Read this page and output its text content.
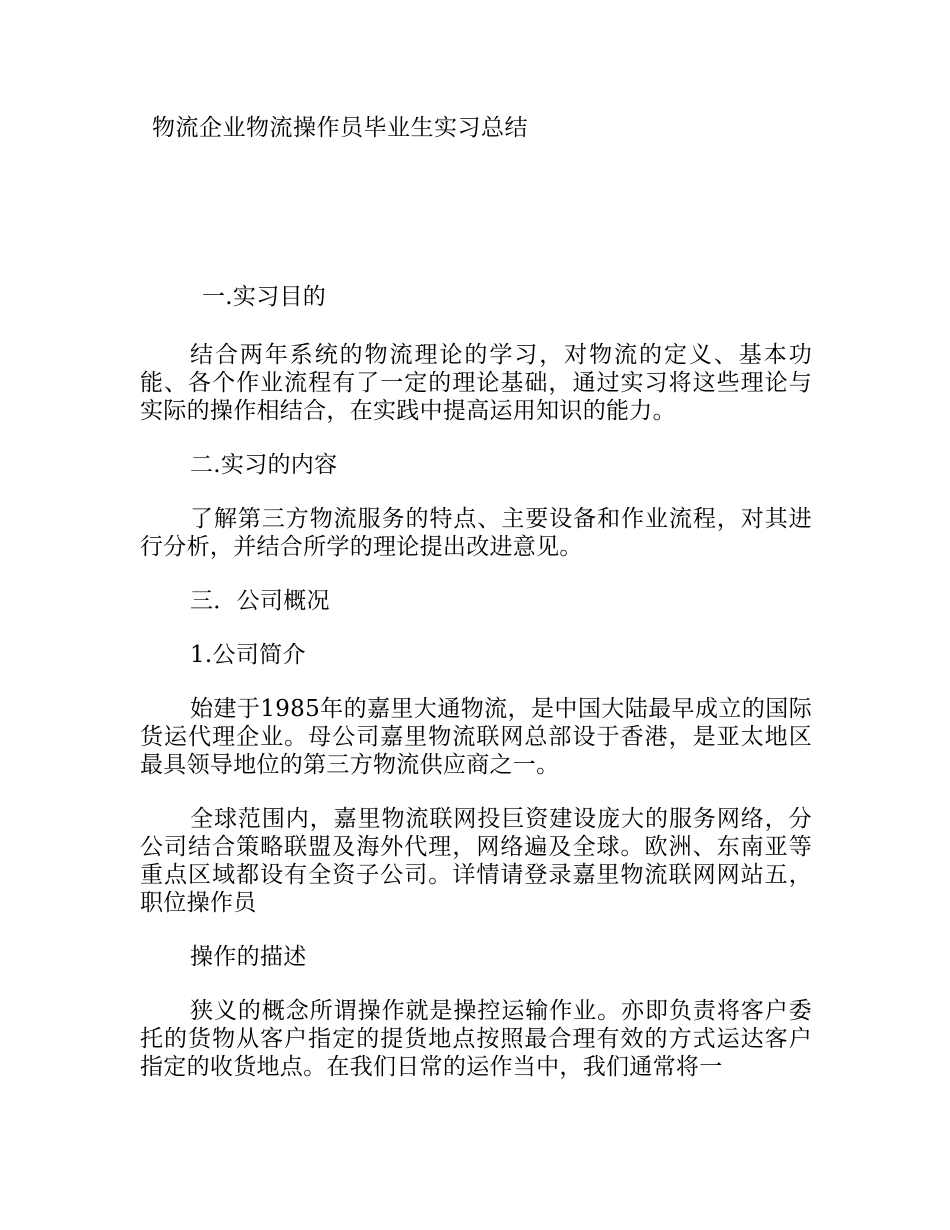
物流企业物流操作员毕业生实习总结

一.实习目的

结合两年系统的物流理论的学习，对物流的定义、基本功能、各个作业流程有了一定的理论基础，通过实习将这些理论与实际的操作相结合，在实践中提高运用知识的能力。

二.实习的内容

了解第三方物流服务的特点、主要设备和作业流程，对其进行分析，并结合所学的理论提出改进意见。

三．公司概况

1.公司简介

始建于1985年的嘉里大通物流，是中国大陆最早成立的国际货运代理企业。母公司嘉里物流联网总部设于香港，是亚太地区最具领导地位的第三方物流供应商之一。

全球范围内，嘉里物流联网投巨资建设庞大的服务网络，分公司结合策略联盟及海外代理，网络遍及全球。欧洲、东南亚等重点区域都设有全资子公司。详情请登录嘉里物流联网网站五，职位操作员

操作的描述

狭义的概念所谓操作就是操控运输作业。亦即负责将客户委托的货物从客户指定的提货地点按照最合理有效的方式运达客户指定的收货地点。在我们日常的运作当中，我们通常将一
